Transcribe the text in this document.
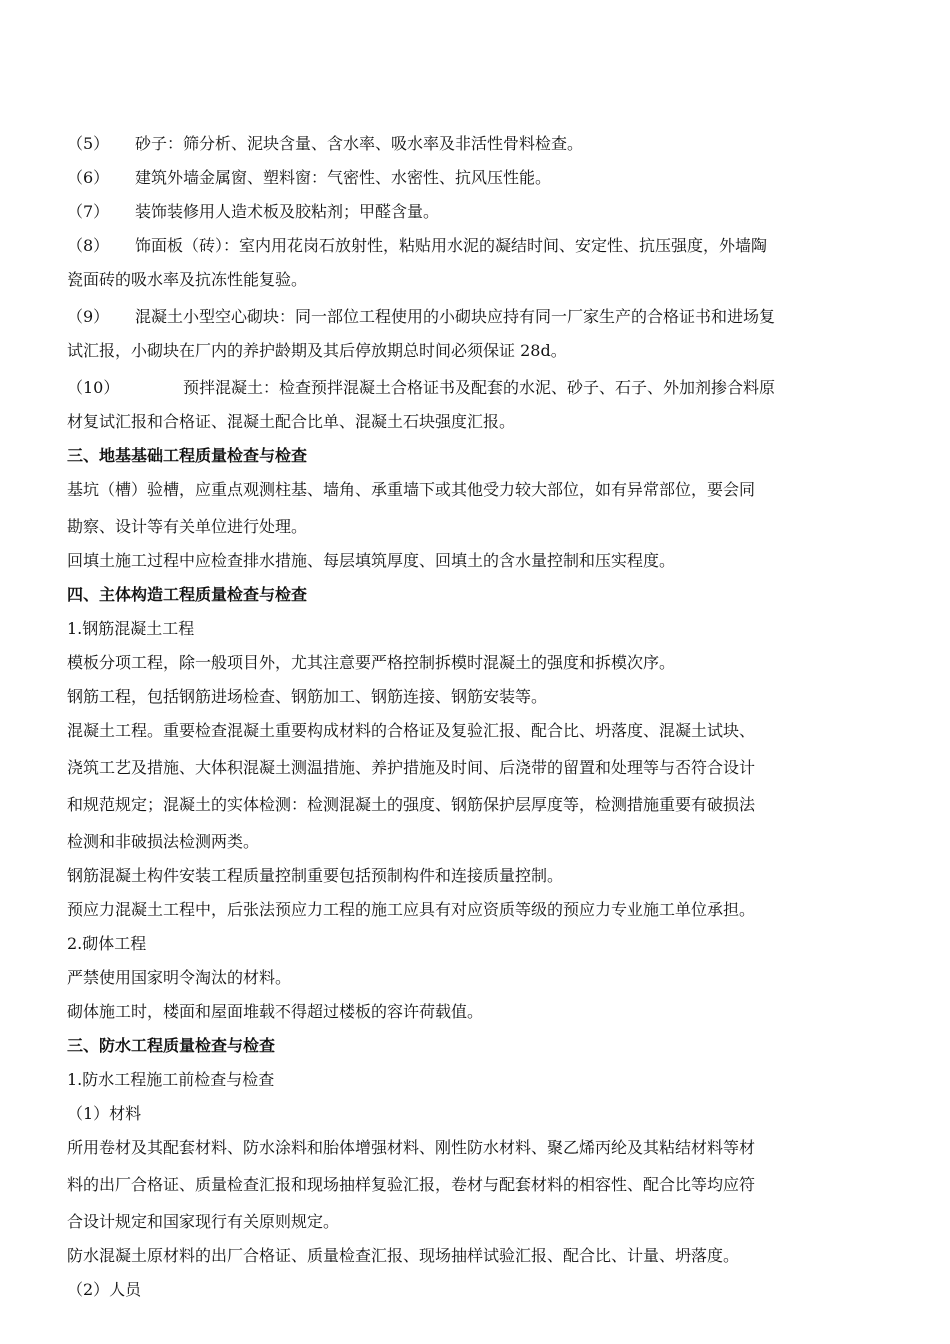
（5） 砂子：筛分析、泥块含量、含水率、吸水率及非活性骨料检查。
（6） 建筑外墙金属窗、塑料窗：气密性、水密性、抗风压性能。
（7） 装饰装修用人造术板及胶粘剂；甲醛含量。
（8） 饰面板（砖）：室内用花岗石放射性，粘贴用水泥的凝结时间、安定性、抗压强度，外墙陶
瓷面砖的吸水率及抗冻性能复验。
（9） 混凝土小型空心砌块：同一部位工程使用的小砌块应持有同一厂家生产的合格证书和进场复
试汇报，小砌块在厂内的养护龄期及其后停放期总时间必须保证 28d。
（10）	预拌混凝土：检查预拌混凝土合格证书及配套的水泥、砂子、石子、外加剂掺合料原
材复试汇报和合格证、混凝土配合比单、混凝土石块强度汇报。
三、地基基础工程质量检查与检查
基坑（槽）验槽，应重点观测柱基、墙角、承重墙下或其他受力较大部位，如有异常部位，要会同
勘察、设计等有关单位进行处理。
回填土施工过程中应检查排水措施、每层填筑厚度、回填土的含水量控制和压实程度。
四、主体构造工程质量检查与检查
1.钢筋混凝土工程
模板分项工程，除一般项目外，尤其注意要严格控制拆模时混凝土的强度和拆模次序。
钢筋工程，包括钢筋进场检查、钢筋加工、钢筋连接、钢筋安装等。
混凝土工程。重要检查混凝土重要构成材料的合格证及复验汇报、配合比、坍落度、混凝土试块、
浇筑工艺及措施、大体积混凝土测温措施、养护措施及时间、后浇带的留置和处理等与否符合设计
和规范规定；混凝土的实体检测：检测混凝土的强度、钢筋保护层厚度等，检测措施重要有破损法
检测和非破损法检测两类。
钢筋混凝土构件安装工程质量控制重要包括预制构件和连接质量控制。
预应力混凝土工程中，后张法预应力工程的施工应具有对应资质等级的预应力专业施工单位承担。
2.砌体工程
严禁使用国家明令淘汰的材料。
砌体施工时，楼面和屋面堆载不得超过楼板的容许荷载值。
三、防水工程质量检查与检查
1.防水工程施工前检查与检查
（1）材料
所用卷材及其配套材料、防水涂料和胎体增强材料、刚性防水材料、聚乙烯丙纶及其粘结材料等材
料的出厂合格证、质量检查汇报和现场抽样复验汇报，卷材与配套材料的相容性、配合比等均应符
合设计规定和国家现行有关原则规定。
防水混凝土原材料的出厂合格证、质量检查汇报、现场抽样试验汇报、配合比、计量、坍落度。
（2）人员
